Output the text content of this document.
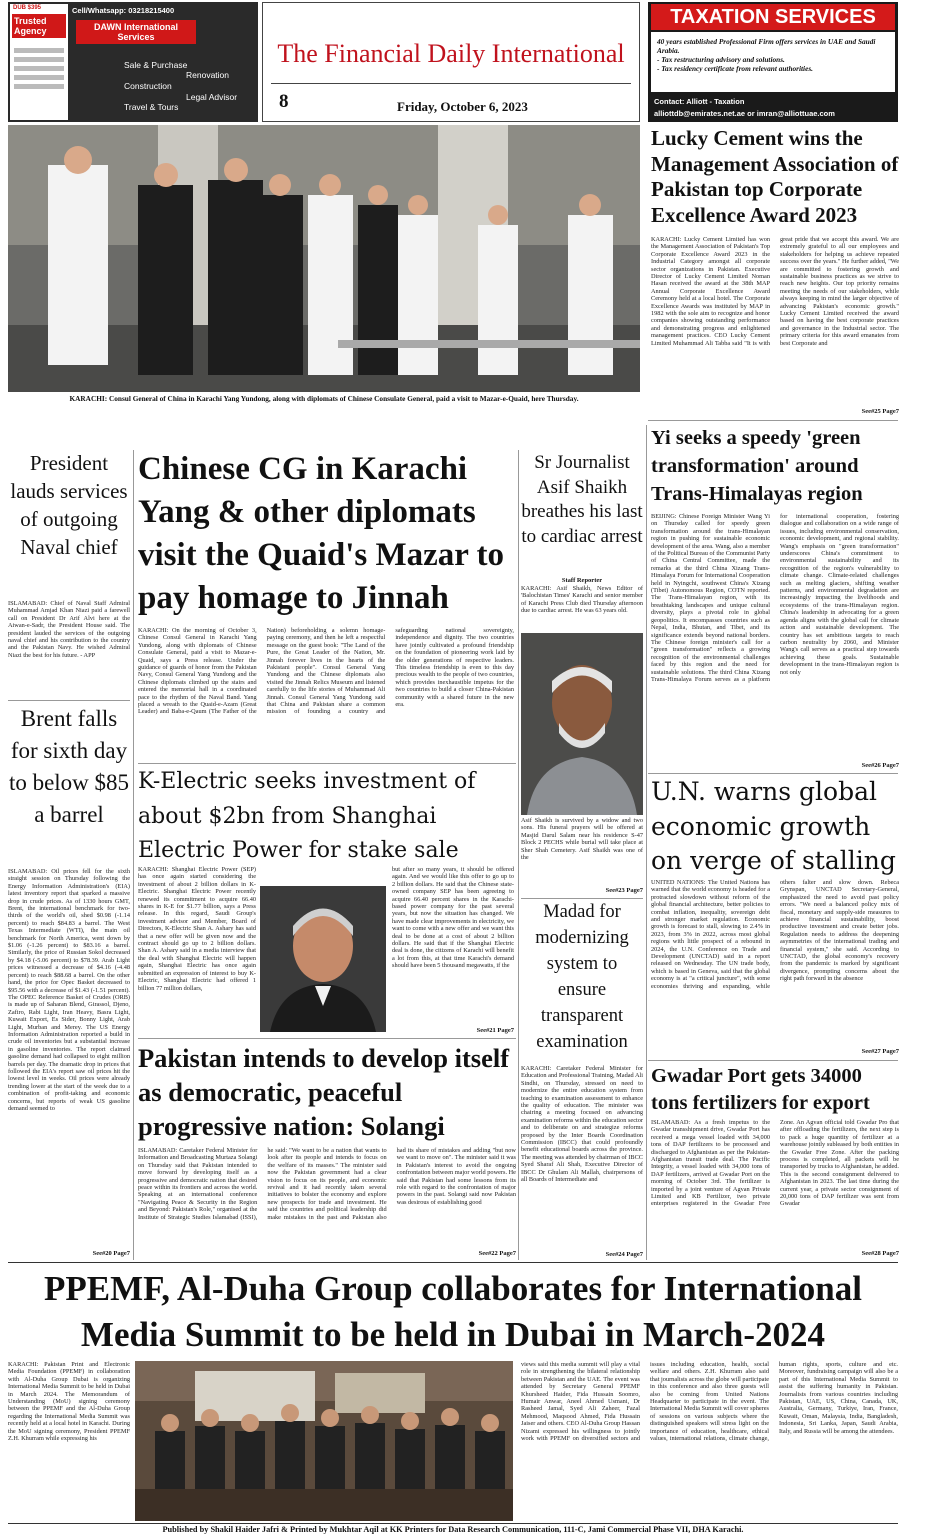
DUB $395
Trusted Agency
Cell/Whatsapp: 03218215400
DAWN International Services
Sale & Purchase
Renovation
Construction
Legal Advisor
Travel & Tours
The Financial Daily International
8	Friday, October 6, 2023
TAXATION SERVICES
40 years established Professional Firm offers services in UAE and Saudi Arabia.
- Tax restructuring advisory and solutions.
- Tax residency certificate from relevant authorities.
Contact: Alliott - Taxation
alliottdb@emirates.net.ae or imran@alliottuae.com
KARACHI: Consul General of China in Karachi Yang Yundong, along with diplomats of Chinese Consulate General, paid a visit to Mazar-e-Quaid, here Thursday.
Lucky Cement wins the Management Association of Pakistan top Corporate Excellence Award 2023
KARACHI: Lucky Cement Limited has won the Management Association of Pakistan's Top Corporate Excellence Award 2023 in the Industrial Category amongst all corporate sector organizations in Pakistan. Executive Director of Lucky Cement Limited Noman Hasan received the award at the 38th MAP Annual Corporate Excellence Award Ceremony held at a local hotel. The Corporate Excellence Awards was instituted by MAP in 1982 with the sole aim to recognize and honor companies showing outstanding performance and demonstrating progress and enlightened management practices. CEO Lucky Cement Limited Muhammad Ali Tabba said "It is with great pride that we accept this award. We are extremely grateful to all our employees and stakeholders for helping us achieve repeated success over the years." He further added, "We are committed to fostering growth and sustainable business practices as we strive to reach new heights. Our top priority remains meeting the needs of our stakeholders, while always keeping in mind the larger objective of advancing Pakistan's economic growth." Lucky Cement Limited received the award based on having the best corporate practices and governance in the Industrial sector. The primary criteria for this award emanates from best Corporate and
See#25 Page7
President lauds services of outgoing Naval chief
ISLAMABAD: Chief of Naval Staff Admiral Muhammad Amjad Khan Niazi paid a farewell call on President Dr Arif Alvi here at the Aiwan-e-Sadr, the President House said. The president lauded the services of the outgoing naval chief and his contribution to the country and the Pakistan Navy. He wished Admiral Niazi the best for his future. - APP
Brent falls for sixth day to below $85 a barrel
ISLAMABAD: Oil prices fell for the sixth straight session on Thursday following the Energy Information Administration's (EIA) latest inventory report that sparked a massive drop in crude prices. As of 1330 hours GMT, Brent, the international benchmark for two-thirds of the world's oil, shed $0.98 (-1.14 percent) to reach $84.83 a barrel. The West Texas Intermediate (WTI), the main oil benchmark for North America, went down by $1.06 (-1.26 percent) to $83.16 a barrel. Similarly, the price of Russian Sokol decreased by $4.18 (-5.06 percent) to $78.39. Arab Light prices witnessed a decrease of $4.16 (-4.48 percent) to reach $88.68 a barrel. On the other hand, the price for Opec Basket decreased to $95.56 with a decrease of $1.43 (-1.51 percent). The OPEC Reference Basket of Crudes (ORB) is made up of Saharan Blend, Girassol, Djeno, Zafiro, Rabi Light, Iran Heavy, Basra Light, Kuwait Export, Es Sider, Bonny Light, Arab Light, Murban and Merey. The US Energy Information Administration reported a build in crude oil inventories but a substantial increase in gasoline inventories. The report claimed gasoline demand had collapsed to eight million barrels per day. The dramatic drop in prices that followed the EIA's report saw oil prices hit the lowest level in weeks. Oil prices were already trending lower at the start of the week due to a combination of profit-taking and economic concerns, but reports of weak US gasoline demand seemed to
See#20 Page7
Chinese CG in Karachi Yang & other diplomats visit the Quaid's Mazar to pay homage to Jinnah
KARACHI: On the morning of October 3, Chinese Consul General in Karachi Yang Yundong, along with diplomats of Chinese Consulate General, paid a visit to Mazar-e-Quaid, says a Press release. Under the guidance of guards of honor from the Pakistan Navy, Consul General Yang Yundong and the Chinese diplomats climbed up the stairs and entered the memorial hall in a coordinated pace to the rhythm of the Naval Band. Yang placed a wreath to the Quaid-e-Azam (Great Leader) and Baba-e-Qaum (The Father of the Nation) beforeholding a solemn homage-paying ceremony, and then he left a respectful message on the guest book: "The Land of the Pure, the Great Leader of the Nation, Mr. Jinnah forever lives in the hearts of the Pakistani people". Consul General Yang Yundong and the Chinese diplomats also visited the Jinnah Relics Museum and listened carefully to the life stories of Muhammad Ali Jinnah. Consul General Yang Yundong said that China and Pakistan share a common mission of founding a country and safeguarding national sovereignty, independence and dignity. The two countries have jointly cultivated a profound friendship on the foundation of pioneering work laid by the older generations of respective leaders. This timeless friendship is even to this day precious wealth to the people of two countries, which provides inexhaustible impetus for the two countries to build a closer China-Pakistan community with a shared future in the new era.
K-Electric seeks investment of about $2bn from Shanghai Electric Power for stake sale
KARACHI: Shanghai Electric Power (SEP) has once again started considering the investment of about 2 billion dollars in K-Electric. Shanghai Electric Power recently renewed its commitment to acquire 66.40 shares in K-E for $1.77 billion, says a Press release. In this regard, Saudi Group's investment advisor and Member, Board of Directors, K-Electric Shan A. Ashary has said that a new offer will be given now and the contract should go up to 2 billion dollars. Shan A. Ashary said in a media interview that the deal with Shanghai Electric will happen again, Shanghai Electric has once again submitted an expression of interest to buy K-Electric, Shanghai Electric had offered 1 billion 77 million dollars,
but after so many years, it should be offered again. And we would like this offer to go up to 2 billion dollars. He said that the Chinese state-owned company SEP has been agreeing to acquire 66.40 percent shares in the Karachi-based power company for the past several years, but now the situation has changed. We have made clear improvements in electricity, we want to come with a new offer and we want this deal to be done at a cost of about 2 billion dollars. He said that if the Shanghai Electric deal is done, the citizens of Karachi will benefit a lot from this, at that time Karachi's demand should have been 5 thousand megawatts, if the
See#21 Page7
Pakistan intends to develop itself as democratic, peaceful progressive nation: Solangi
ISLAMABAD: Caretaker Federal Minister for Information and Broadcasting Murtaza Solangi on Thursday said that Pakistan intended to move forward by developing itself as a progressive and democratic nation that desired peace within its frontiers and across the world. Speaking at an international conference "Navigating Peace & Security in the Region and Beyond: Pakistan's Role," organised at the Institute of Strategic Studies Islamabad (ISSI), he said: "We want to be a nation that wants to look after its people and intends to focus on the welfare of its masses." The minister said now the Pakistan government had a clear vision to focus on its people, and economic revival and it had recently taken several initiatives to bolster the economy and explore new prospects for trade and investment. He said the countries and political leadership did make mistakes in the past and Pakistan also had its share of mistakes and adding "but now we want to move on". The minister said it was in Pakistan's interest to avoid the ongoing confrontation between major world powers. He said that Pakistan had some lessons from its role with regard to the confrontation of major powers in the past. Solangi said now Pakistan was desirous of establishing good
See#22 Page7
Sr Journalist Asif Shaikh breathes his last to cardiac arrest
Staff Reporter
KARACHI: Asif Shaikh, News Editor of 'Balochistan Times' Karachi and senior member of Karachi Press Club died Thursday afternoon due to cardiac arrest. He was 63 years old.
Asif Shaikh is survived by a widow and two sons. His funeral prayers will be offered at Masjid Darul Salam near his residence S-47 Block 2 PECHS while burial will take place at Sher Shah Cemetery. Asif Shaikh was one of the
See#23 Page7
Madad for modernizing system to ensure transparent examination
KARACHI: Caretaker Federal Minister for Education and Professional Training, Madad Ali Sindhi, on Thursday, stressed on need to modernize the entire education system from teaching to examination assessment to enhance the quality of education. The minister was chairing a meeting focused on advancing examination reforms within the education sector and to deliberate on and strategize reforms proposed by the Inter Boards Coordination Commission (IBCC) that could profoundly benefit educational boards across the province. The meeting was attended by chairman of IBCC Syed Sharaf Ali Shah, Executive Director of IBCC Dr Ghulam Ali Mallah, chairpersons of all Boards of Intermediate and
See#24 Page7
Yi seeks a speedy 'green transformation' around Trans-Himalayas region
BEIJING: Chinese Foreign Minister Wang Yi on Thursday called for speedy green transformation around the trans-Himalayan region in pushing for sustainable economic development of the area. Wang, also a member of the Political Bureau of the Communist Party of China Central Committee, made the remarks at the third China Xizang Trans-Himalaya Forum for International Cooperation held in Nyingchi, southwest China's Xizang (Tibet) Autonomous Region, COTN reported. The Trans-Himalayan region, with its breathtaking landscapes and unique cultural diversity, plays a pivotal role in global geopolitics. It encompasses countries such as Nepal, India, Bhutan, and Tibet, and its significance extends beyond national borders. The Chinese foreign minister's call for a "green transformation" reflects a growing recognition of the environmental challenges faced by this region and the need for sustainable solutions. The third China Xizang Trans-Himalaya Forum serves as a platform for international cooperation, fostering dialogue and collaboration on a wide range of issues, including environmental conservation, economic development, and regional stability. Wang's emphasis on "green transformation" underscores China's commitment to environmental sustainability and its recognition of the region's vulnerability to climate change. Climate-related challenges such as melting glaciers, shifting weather patterns, and environmental degradation are increasingly impacting the livelihoods and ecosystems of the trans-Himalayan region. China's leadership in advocating for a green agenda aligns with the global call for climate action and sustainable development. The country has set ambitious targets to reach carbon neutrality by 2060, and Minister Wang's call serves as a practical step towards achieving these goals. Sustainable development in the trans-Himalayan region is not only
See#26 Page7
U.N. warns global economic growth on verge of stalling
UNITED NATIONS: The United Nations has warned that the world economy is headed for a protracted slowdown without reform of the global financial architecture, better policies to combat inflation, inequality, sovereign debt and stronger market regulation. Economic growth is forecast to stall, slowing to 2.4% in 2023, from 3% in 2022, across most global regions with little prospect of a rebound in 2024, the U.N. Conference on Trade and Development (UNCTAD) said in a report released on Wednesday. The UN trade body, which is based in Geneva, said that the global economy is at "a critical juncture", with some economies thriving and expanding, while others falter and slow down. Rebeca Grynspan, UNCTAD Secretary-General, emphasized the need to avoid past policy errors. "We need a balanced policy mix of fiscal, monetary and supply-side measures to achieve financial sustainability, boost productive investment and create better jobs. Regulation needs to address the deepening asymmetries of the international trading and financial system," she said. According to UNCTAD, the global economy's recovery from the pandemic is marked by significant divergence, prompting concerns about the right path forward in the absence
See#27 Page7
Gwadar Port gets 34000 tons fertilizers for export
ISLAMABAD: As a fresh impetus to the Gwadar transshipment drive, Gwadar Port has received a mega vessel loaded with 34,000 tons of DAP fertilizers to be processed and discharged to Afghanistan as per the Pakistan-Afghanistan transit trade deal. The Pacific Integrity, a vessel loaded with 34,000 tons of DAP fertilizers, arrived at Gwadar Port on the morning of October 3rd. The fertilizer is imported by a joint venture of Agvan Private Limited and KB Fertilizer, two private enterprises registered in the Gwadar Free Zone. An Agvan official told Gwadar Pro that after offloading the fertilizers, the next step is to pack a huge quantity of fertilizer at a warehouse jointly subleased by both entities in the Gwadar Free Zone. After the packing process is completed, all packets will be transported by trucks to Afghanistan, he added. This is the second consignment delivered to Afghanistan in 2023. The last time during the current year, a private sector consignment of 20,000 tons of DAP fertilizer was sent from Gwadar
See#28 Page7
PPEMF, Al-Duha Group collaborates for International
Media Summit to be held in Dubai in March-2024
KARACHI: Pakistan Print and Electronic Media Foundation (PPEMF) in collaboration with Al-Duha Group Dubai is organizing International Media Summit to be held in Dubai in March 2024. The Memorandum of Understanding (MoU) signing ceremony between the PPEMF and the Al-Duha Group regarding the International Media Summit was recently held at a local hotel in Karachi. During the MoU signing ceremony, President PPEMF Z.H. Khurram while expressing his
views said this media summit will play a vital role in strengthening the bilateral relationship between Pakistan and the UAE. The event was attended by Secretary General PPEMF Khursheed Haider, Fida Hussain Soomro, Humair Anwar, Aneel Ahmed Usmani, Dr Rasheed Jamal, Syed Ali Zaheer, Fazal Mehmood, Maqsood Ahmed, Fida Hussain Jaiser and others. CEO Al-Duha Group Hassan Nizami expressed his willingness to jointly work with PPEMF on diversified sectors and issues including education, health, social welfare and others. Z.H. Khurram also said that journalists across the globe will participate in this conference and also three guests will also be coming from United Nations Headquarter to participate in the event. The International Media Summit will cover spheres of sessions on various subjects where the distinguished speakers will stress light on the importance of education, healthcare, ethical values, international relations, climate change, human rights, sports, culture and etc. Moreover, fundraising campaign will also be a part of this International Media Summit to assist the suffering humanity in Pakistan. Journalists from various countries including Pakistan, UAE, US, China, Canada, UK, Australia, Germany, Turkiye, Iran, France, Kuwait, Oman, Malaysia, India, Bangladesh, Indonesia, Sri Lanka, Japan, Saudi Arabia, Italy, and Russia will be among the attendees.
Published by Shakil Haider Jafri & Printed by Mukhtar Aqil at KK Printers for Data Research Communication, 111-C, Jami Commercial Phase VII, DHA Karachi.
